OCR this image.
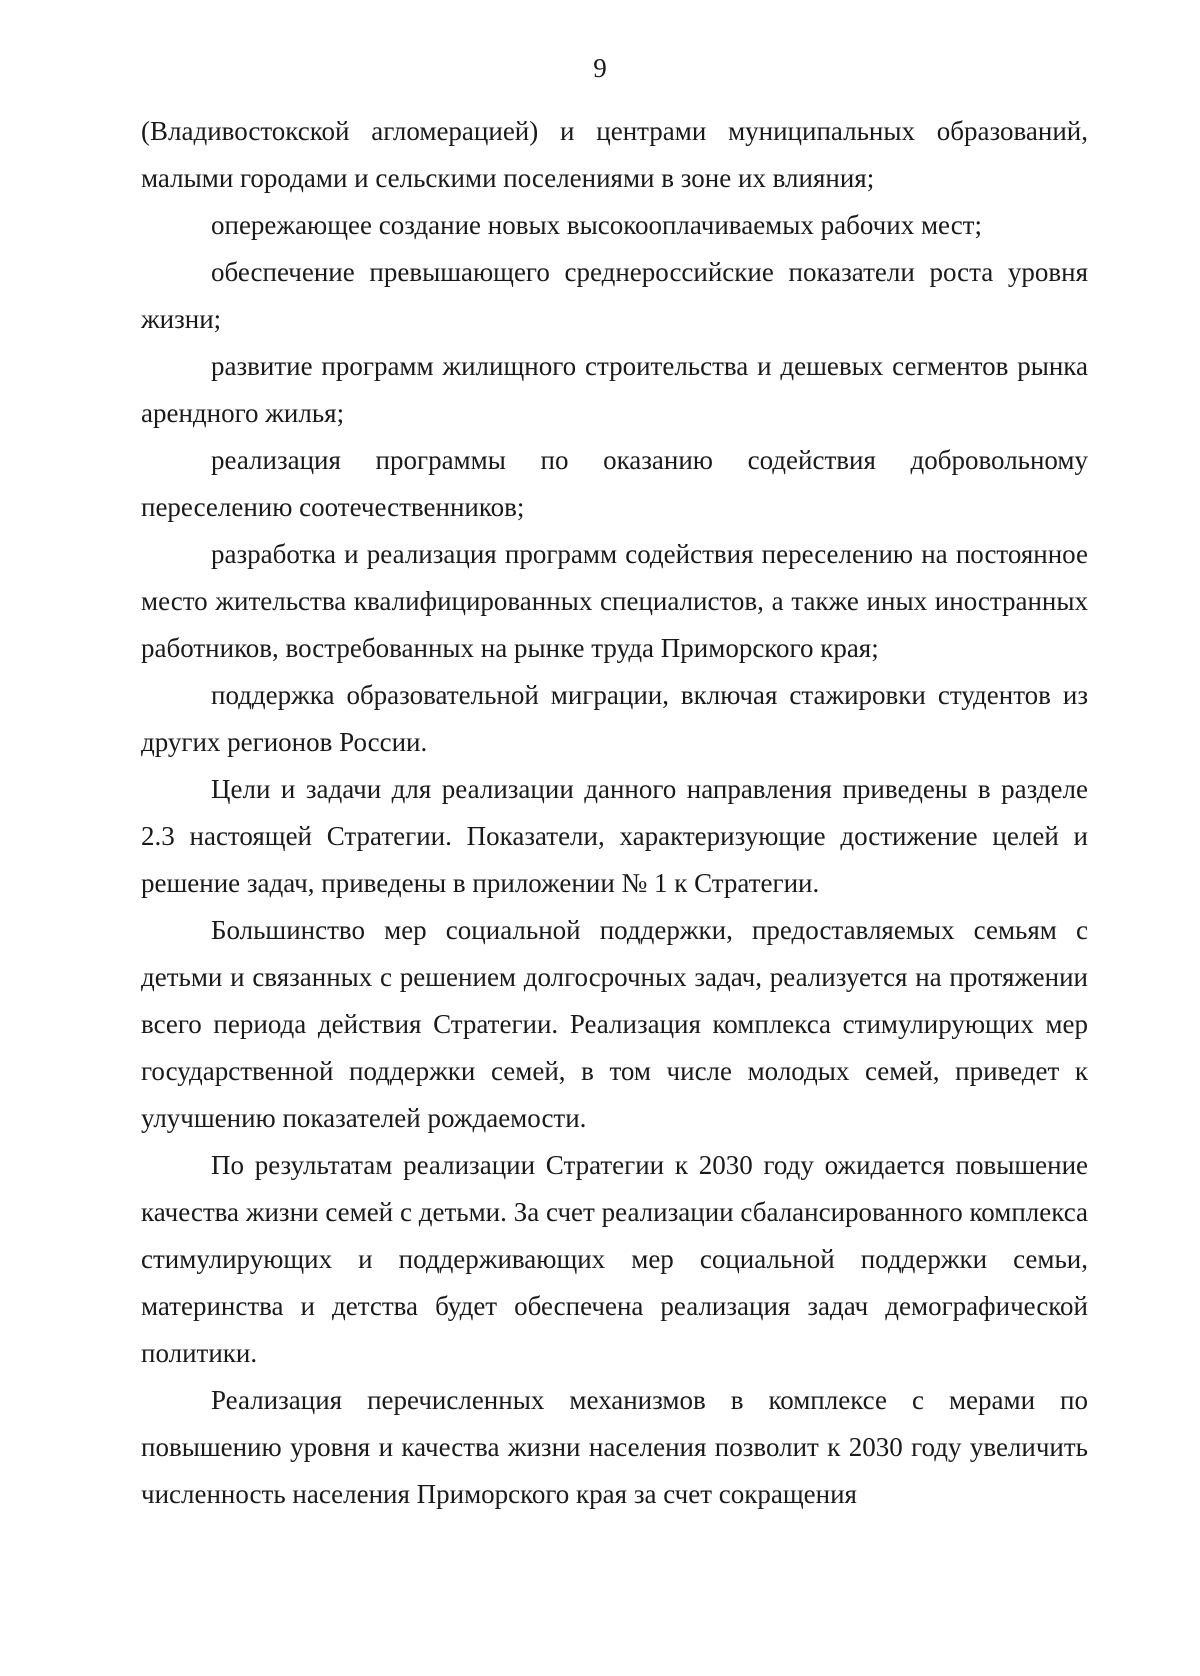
9

(Владивостокской агломерацией) и центрами муниципальных образований, малыми городами и сельскими поселениями в зоне их влияния;

опережающее создание новых высокооплачиваемых рабочих мест;

обеспечение превышающего среднероссийские показатели роста уровня жизни;

развитие программ жилищного строительства и дешевых сегментов рынка арендного жилья;

реализация программы по оказанию содействия добровольному переселению соотечественников;

разработка и реализация программ содействия переселению на постоянное место жительства квалифицированных специалистов, а также иных иностранных работников, востребованных на рынке труда Приморского края;

поддержка образовательной миграции, включая стажировки студентов из других регионов России.

Цели и задачи для реализации данного направления приведены в разделе 2.3 настоящей Стратегии. Показатели, характеризующие достижение целей и решение задач, приведены в приложении № 1 к Стратегии.

Большинство мер социальной поддержки, предоставляемых семьям с детьми и связанных с решением долгосрочных задач, реализуется на протяжении всего периода действия Стратегии. Реализация комплекса стимулирующих мер государственной поддержки семей, в том числе молодых семей, приведет к улучшению показателей рождаемости.

По результатам реализации Стратегии к 2030 году ожидается повышение качества жизни семей с детьми. За счет реализации сбалансированного комплекса стимулирующих и поддерживающих мер социальной поддержки семьи, материнства и детства будет обеспечена реализация задач демографической политики.

Реализация перечисленных механизмов в комплексе с мерами по повышению уровня и качества жизни населения позволит к 2030 году увеличить численность населения Приморского края за счет сокращения
